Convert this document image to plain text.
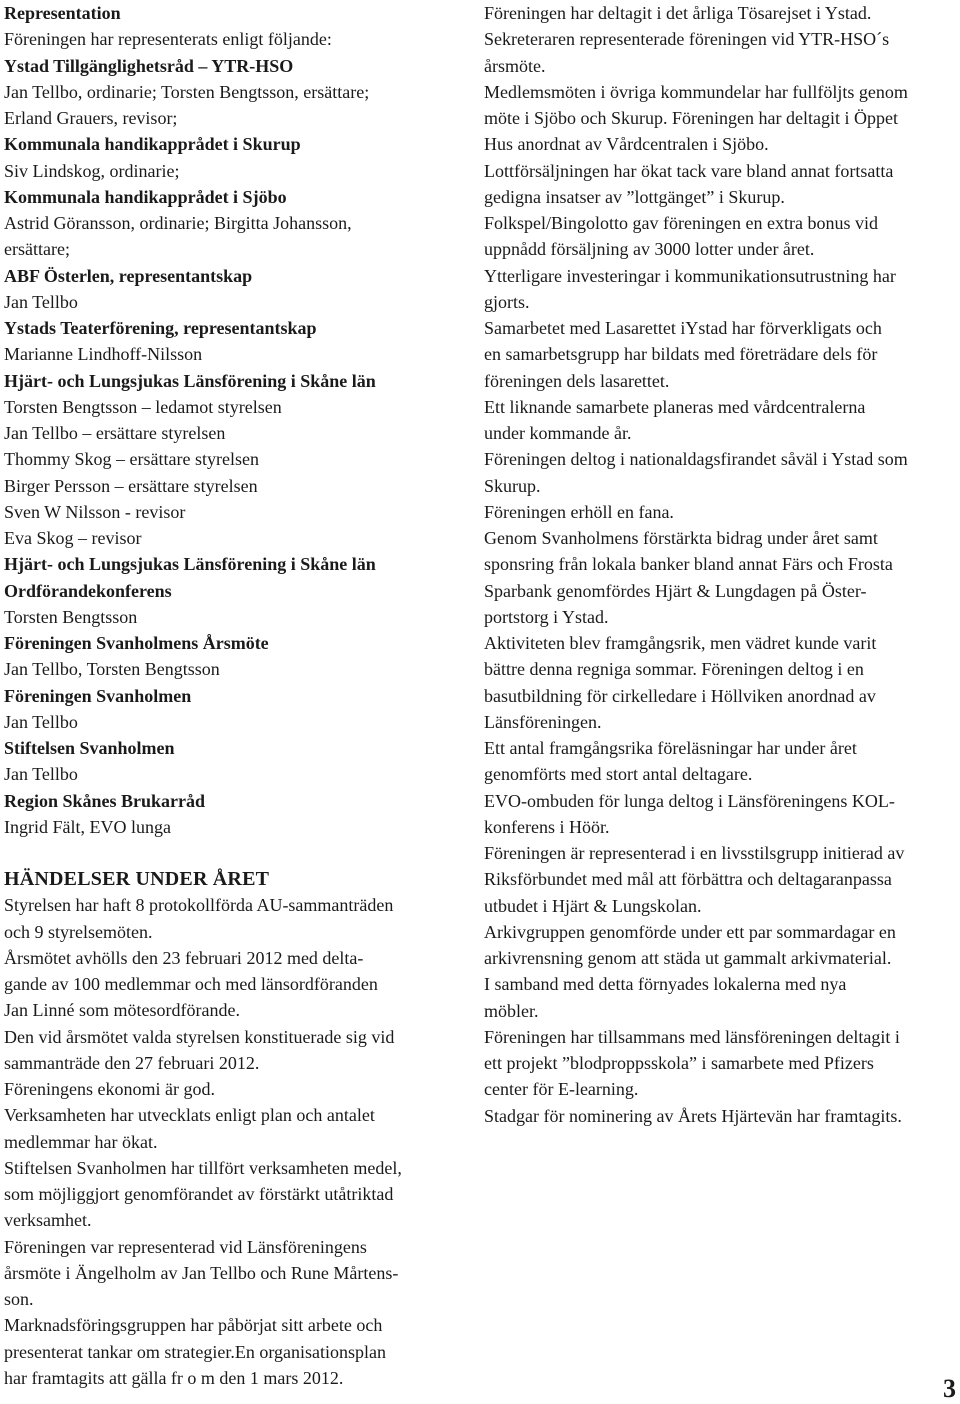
Representation
Föreningen har representerats enligt följande:
Ystad Tillgänglighetsråd – YTR-HSO
Jan Tellbo, ordinarie; Torsten Bengtsson, ersättare;
Erland Grauers, revisor;
Kommunala handikapprådet i Skurup
Siv Lindskog, ordinarie;
Kommunala handikapprådet i Sjöbo
Astrid Göransson, ordinarie; Birgitta Johansson,
ersättare;
ABF Österlen, representantskap
Jan Tellbo
Ystads Teaterförening, representantskap
Marianne Lindhoff-Nilsson
Hjärt- och Lungsjukas Länsförening i Skåne län
Torsten Bengtsson – ledamot styrelsen
Jan Tellbo – ersättare styrelsen
Thommy Skog – ersättare styrelsen
Birger Persson – ersättare styrelsen
Sven W Nilsson - revisor
Eva Skog – revisor
Hjärt- och Lungsjukas Länsförening i Skåne län
Ordförandekonferens
Torsten Bengtsson
Föreningen Svanholmens Årsmöte
Jan Tellbo, Torsten Bengtsson
Föreningen Svanholmen
Jan Tellbo
Stiftelsen Svanholmen
Jan Tellbo
Region Skånes Brukarråd
Ingrid Fält, EVO lunga
HÄNDELSER UNDER ÅRET
Styrelsen har haft 8 protokollförda AU-sammanträden
och 9 styrelsemöten.
Årsmötet avhölls den 23 februari 2012 med delta-
gande av 100 medlemmar och med länsordföranden
Jan Linné som mötesordförande.
Den vid årsmötet valda styrelsen konstituerade sig vid
sammanträde den 27 februari 2012.
Föreningens ekonomi är god.
Verksamheten har utvecklats enligt plan och antalet
medlemmar har ökat.
Stiftelsen Svanholmen har tillfört verksamheten medel,
som möjliggjort genomförandet av förstärkt utåtriktad
verksamhet.
Föreningen var representerad vid Länsföreningens
årsmöte i Ängelholm av Jan Tellbo och Rune Mårtens-
son.
Marknadsföringsgruppen har påbörjat sitt arbete och
presenterat tankar om strategier.En organisationsplan
har framtagits att gälla fr o m den 1 mars 2012.
Föreningen har deltagit i det årliga Tösarejset i Ystad.
Sekreteraren representerade föreningen vid YTR-HSO´s
årsmöte.
Medlemsmöten i övriga kommundelar har fullföljts genom
möte i Sjöbo och Skurup. Föreningen har deltagit i Öppet
Hus anordnat av Vårdcentralen i Sjöbo.
Lottförsäljningen har ökat tack vare bland annat fortsatta
gedigna insatser av ”lottgänget” i Skurup.
Folkspel/Bingolotto gav föreningen en extra bonus vid
uppnådd försäljning av 3000 lotter under året.
Ytterligare investeringar i kommunikationsutrustning har
gjorts.
Samarbetet med Lasarettet iYstad har förverkligats och
en samarbetsgrupp har bildats med företrädare dels för
föreningen dels lasarettet.
Ett liknande samarbete planeras med vårdcentralerna
under kommande år.
Föreningen deltog i nationaldagsfirandet såväl i Ystad som
Skurup.
Föreningen erhöll en fana.
Genom Svanholmens förstärkta bidrag under året samt
sponsring från lokala banker bland annat Färs och Frosta
Sparbank genomfördes Hjärt & Lungdagen på Öster-
portstorg i Ystad.
Aktiviteten blev framgångsrik, men vädret kunde varit
bättre denna regniga sommar. Föreningen deltog i en
basutbildning för cirkelledare i Höllviken anordnad av
Länsföreningen.
Ett antal framgångsrika föreläsningar har under året
genomförts med stort antal deltagare.
EVO-ombuden för lunga deltog i Länsföreningens KOL-
konferens i Höör.
Föreningen är representerad i en livsstilsgrupp initierad av
Riksförbundet med mål att förbättra och deltagaranpassa
utbudet i Hjärt & Lungskolan.
Arkivgruppen genomförde under ett par sommardagar en
arkivrensning genom att städa ut gammalt arkivmaterial.
I samband med detta förnyades lokalerna med nya
möbler.
Föreningen har tillsammans med länsföreningen deltagit i
ett projekt ”blodproppsskola” i samarbete med Pfizers
center för E-learning.
Stadgar för nominering av Årets Hjärtevän har framtagits.
3
